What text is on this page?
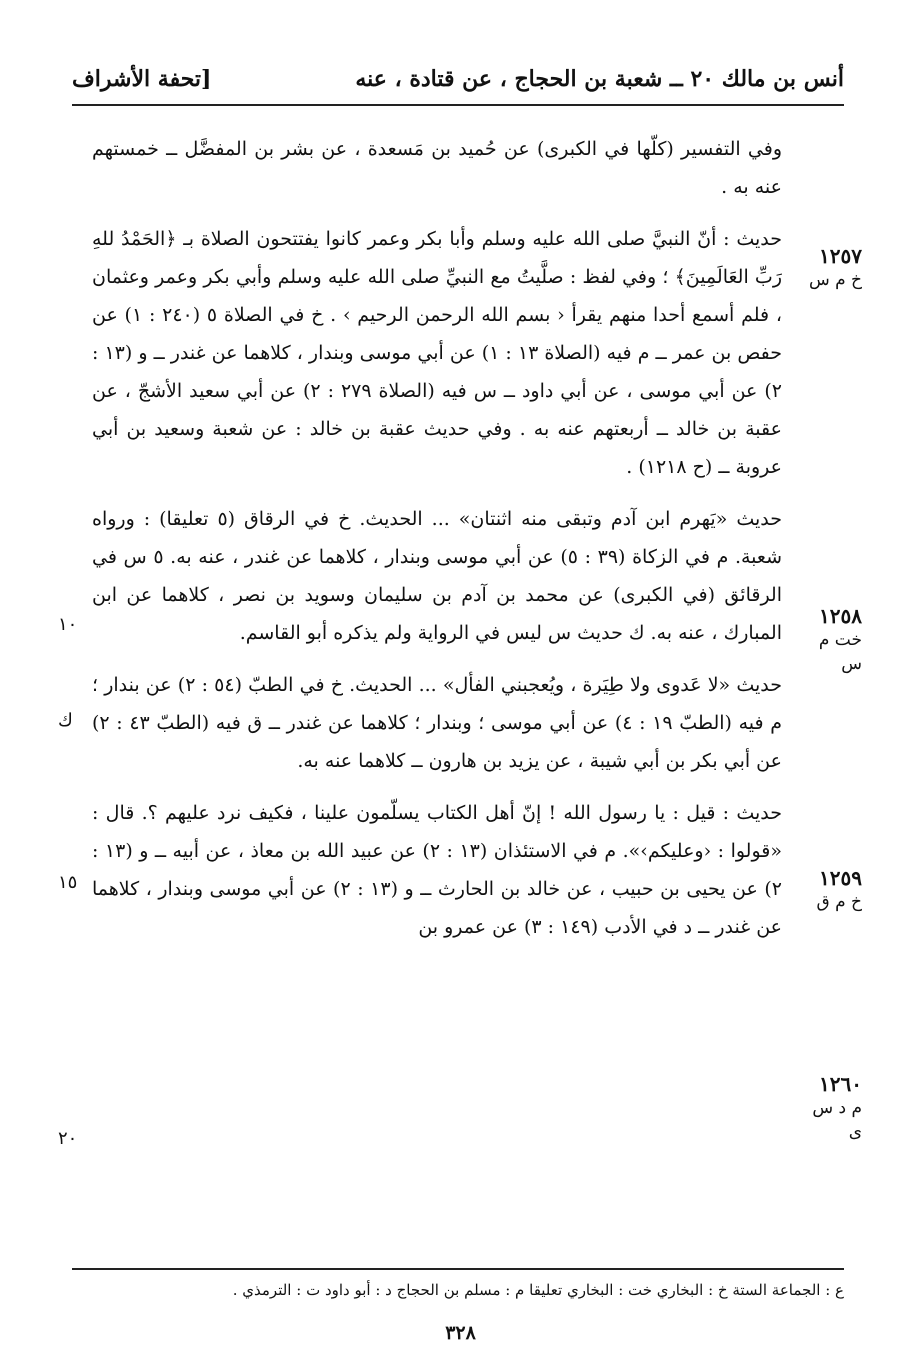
أنس بن مالك ٢٠ ــ شعبة بن الحجاج ، عن قتادة ، عنه
[تحفة الأشراف
١٢٥٧
خ م س
١٢٥٨
خت م س
١٢٥٩
خ م ق
١٢٦٠
م د س ى
١٠
ك
١٥
٢٠

وفي التفسير (كلّها في الكبرى) عن حُميد بن مَسعدة ، عن بشر بن المفضَّل ــ خمستهم عنه به .

حديث : أنّ النبيَّ صلى الله عليه وسلم وأبا بكر وعمر كانوا يفتتحون الصلاة بـ ﴿الحَمْدُ للهِ رَبِّ العَالَمِينَ﴾ ؛ وفي لفظ : صلَّيتُ مع النبيِّ صلى الله عليه وسلم وأبي بكر وعمر وعثمان ، فلم أسمع أحدا منهم يقرأ ‹ بسم الله الرحمن الرحيم › . خ في الصلاة ٥ (٢٤٠ : ١) عن حفص بن عمر ــ م فيه (الصلاة ١٣ : ١) عن أبي موسى وبندار ، كلاهما عن غندر ــ و (١٣ : ٢) عن أبي موسى ، عن أبي داود ــ س فيه (الصلاة ٢٧٩ : ٢) عن أبي سعيد الأشجّ ، عن عقبة بن خالد ــ أربعتهم عنه به . وفي حديث عقبة بن خالد : عن شعبة وسعيد بن أبي عروبة ــ (ح ١٢١٨) .

حديث «يَهرم ابن آدم وتبقى منه اثنتان» ... الحديث. خ في الرقاق (٥ تعليقا) : ورواه شعبة. م في الزكاة (٣٩ : ٥) عن أبي موسى وبندار ، كلاهما عن غندر ، عنه به. ٥ س في الرقائق (في الكبرى) عن محمد بن آدم بن سليمان وسويد بن نصر ، كلاهما عن ابن المبارك ، عنه به. ك حديث س ليس في الرواية ولم يذكره أبو القاسم.

حديث «لا عَدوى ولا طِيَرة ، ويُعجبني الفأل» ... الحديث. خ في الطبّ (٥٤ : ٢) عن بندار ؛ م فيه (الطبّ ١٩ : ٤) عن أبي موسى ؛ وبندار ؛ كلاهما عن غندر ــ ق فيه (الطبّ ٤٣ : ٢) عن أبي بكر بن أبي شيبة ، عن يزيد بن هارون ــ كلاهما عنه به.

حديث : قيل : يا رسول الله ! إنّ أهل الكتاب يسلّمون علينا ، فكيف نرد عليهم ؟. قال : «قولوا : ‹وعليكم›». م في الاستئذان (١٣ : ٢) عن عبيد الله بن معاذ ، عن أبيه ــ و (١٣ : ٢) عن يحيى بن حبيب ، عن خالد بن الحارث ــ و (١٣ : ٢) عن أبي موسى وبندار ، كلاهما عن غندر ــ د في الأدب (١٤٩ : ٣) عن عمرو بن

ع : الجماعة الستة خ : البخاري خت : البخاري تعليقا م : مسلم بن الحجاج د : أبو داود ت : الترمذي .
٣٢٨
